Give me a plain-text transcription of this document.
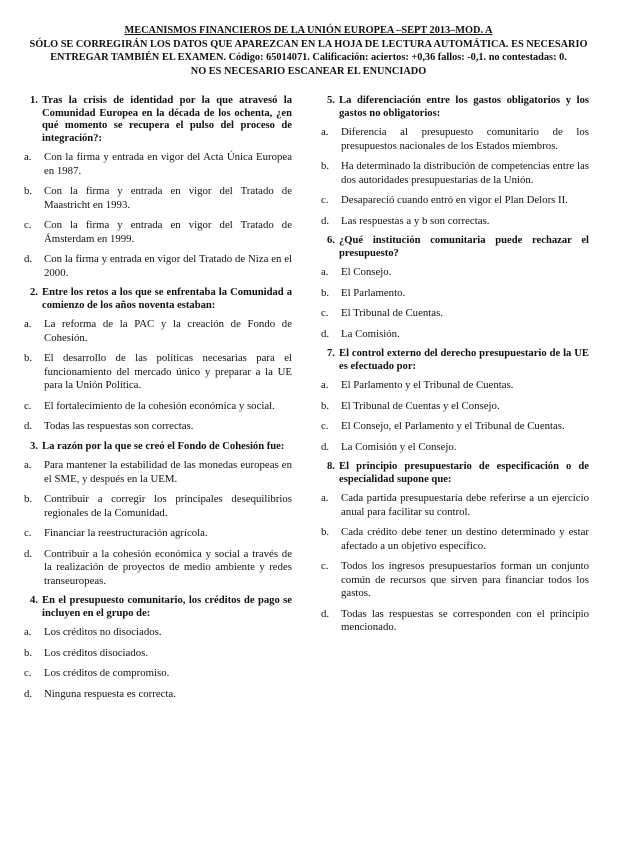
MECANISMOS FINANCIEROS DE LA UNIÓN EUROPEA –SEPT 2013–MOD. A
SÓLO SE CORREGIRÁN LOS DATOS QUE APAREZCAN EN LA HOJA DE LECTURA AUTOMÁTICA. ES NECESARIO
ENTREGAR TAMBIÉN EL EXAMEN. Código: 65014071. Calificación: aciertos: +0,36 fallos: -0,1. no contestadas: 0.
NO ES NECESARIO ESCANEAR EL ENUNCIADO
1. Tras la crisis de identidad por la que atravesó la Comunidad Europea en la década de los ochenta, ¿en qué momento se recupera el pulso del proceso de integración?:
a.	Con la firma y entrada en vigor del Acta Única Europea en 1987.
b.	Con la firma y entrada en vigor del Tratado de Maastricht en 1993.
c.	Con la firma y entrada en vigor del Tratado de Ámsterdam en 1999.
d.	Con la firma y entrada en vigor del Tratado de Niza en el 2000.
2. Entre los retos a los que se enfrentaba la Comunidad a comienzo de los años noventa estaban:
a.	La reforma de la PAC y la creación de Fondo de Cohesión.
b.	El desarrollo de las políticas necesarias para el funcionamiento del mercado único y preparar a la UE para la Unión Política.
c.	El fortalecimiento de la cohesión económica y social.
d.	Todas las respuestas son correctas.
3. La razón por la que se creó el Fondo de Cohesión fue:
a.	Para mantener la estabilidad de las monedas europeas en el SME, y después en la UEM.
b.	Contribuir a corregir los principales desequilibrios regionales de la Comunidad.
c.	Financiar la reestructuración agrícola.
d.	Contribuir a la cohesión económica y social a través de la realización de proyectos de medio ambiente y redes transeuropeas.
4. En el presupuesto comunitario, los créditos de pago se incluyen en el grupo de:
a.	Los créditos no disociados.
b.	Los créditos disociados.
c.	Los créditos de compromiso.
d.	Ninguna respuesta es correcta.
5. La diferenciación entre los gastos obligatorios y los gastos no obligatorios:
a.	Diferencia al presupuesto comunitario de los presupuestos nacionales de los Estados miembros.
b.	Ha determinado la distribución de competencias entre las dos autoridades presupuestarias de la Unión.
c.	Desapareció cuando entró en vigor el Plan Delors II.
d.	Las respuestas a y b son correctas.
6. ¿Qué institución comunitaria puede rechazar el presupuesto?
a.	El Consejo.
b.	El Parlamento.
c.	El Tribunal de Cuentas.
d.	La Comisión.
7. El control externo del derecho presupuestario de la UE es efectuado por:
a.	El Parlamento y el Tribunal de Cuentas.
b.	El Tribunal de Cuentas y el Consejo.
c.	El Consejo, el Parlamento y el Tribunal de Cuentas.
d.	La Comisión y el Consejo.
8. El principio presupuestario de especificación o de especialidad supone que:
a.	Cada partida presupuestaria debe referirse a un ejercicio anual para facilitar su control.
b.	Cada crédito debe tener un destino determinado y estar afectado a un objetivo específico.
c.	Todos los ingresos presupuestarios forman un conjunto común de recursos que sirven para financiar todos los gastos.
d.	Todas las respuestas se corresponden con el principio mencionado.
